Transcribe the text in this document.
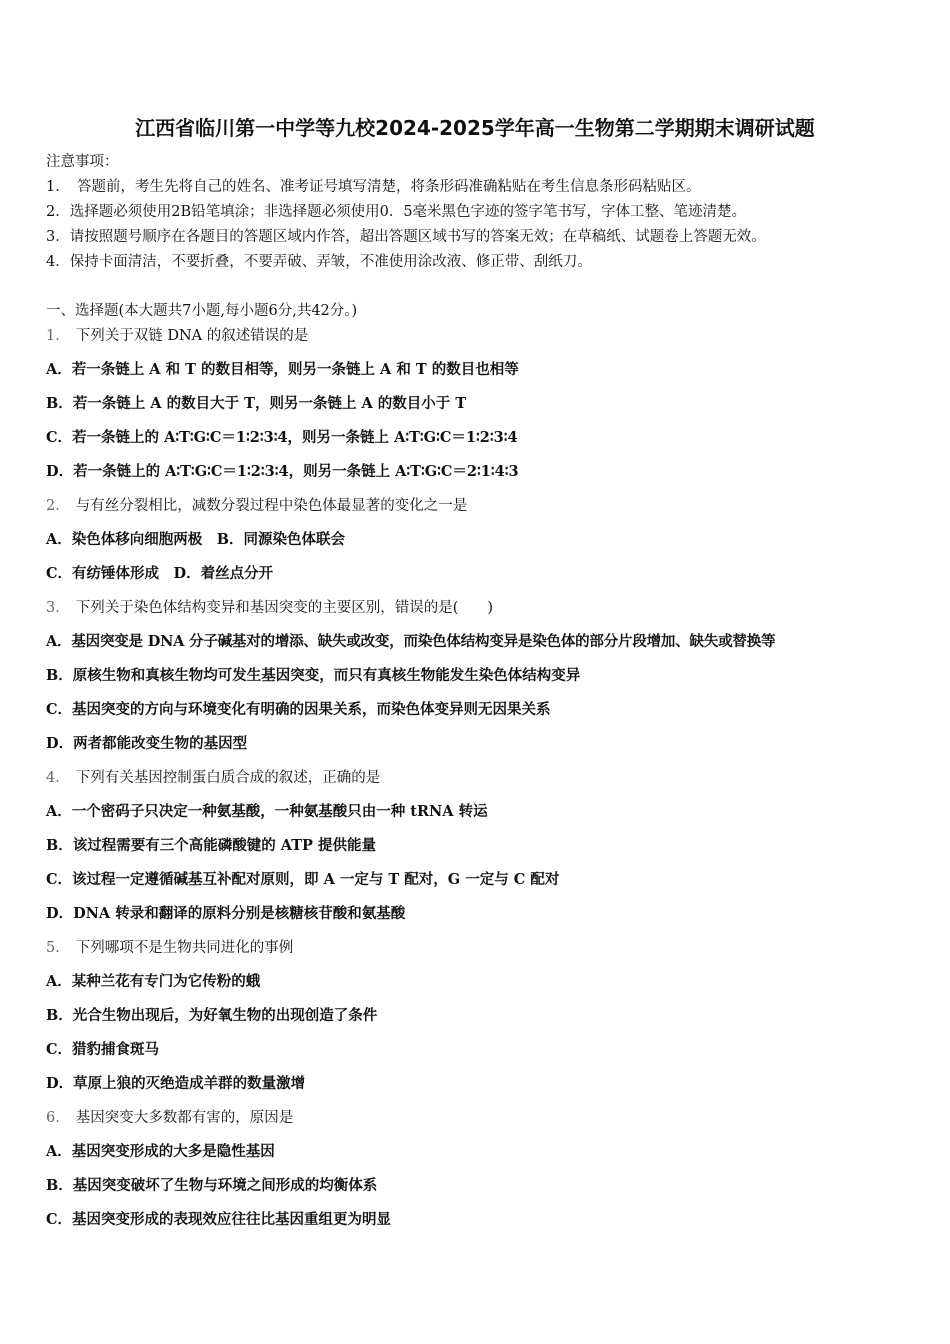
江西省临川第一中学等九校2024-2025学年高一生物第二学期期末调研试题
注意事项：
1．　答题前，考生先将自己的姓名、准考证号填写清楚，将条形码准确粘贴在考生信息条形码粘贴区。
2．选择题必须使用2B铅笔填涂；非选择题必须使用0．5毫米黑色字迹的签字笔书写，字体工整、笔迹清楚。
3．请按照题号顺序在各题目的答题区域内作答，超出答题区域书写的答案无效；在草稿纸、试题卷上答题无效。
4．保持卡面清洁，不要折叠，不要弄破、弄皱，不准使用涂改液、修正带、刮纸刀。
一、选择题(本大题共7小题,每小题6分,共42分。)
1． 下列关于双链 DNA 的叙述错误的是
A．若一条链上 A 和 T 的数目相等，则另一条链上 A 和 T 的数目也相等
B．若一条链上 A 的数目大于 T，则另一条链上 A 的数目小于 T
C．若一条链上的 A∶T∶G∶C＝1∶2∶3∶4，则另一条链上 A∶T∶G∶C＝1∶2∶3∶4
D．若一条链上的 A∶T∶G∶C＝1∶2∶3∶4，则另一条链上 A∶T∶G∶C＝2∶1∶4∶3
2． 与有丝分裂相比，减数分裂过程中染色体最显著的变化之一是
A．染色体移向细胞两极　B．同源染色体联会
C．有纺锤体形成　D．着丝点分开
3． 下列关于染色体结构变异和基因突变的主要区别，错误的是(　　)
A．基因突变是 DNA 分子碱基对的增添、缺失或改变，而染色体结构变异是染色体的部分片段增加、缺失或替换等
B．原核生物和真核生物均可发生基因突变，而只有真核生物能发生染色体结构变异
C．基因突变的方向与环境变化有明确的因果关系，而染色体变异则无因果关系
D．两者都能改变生物的基因型
4． 下列有关基因控制蛋白质合成的叙述，正确的是
A．一个密码子只决定一种氨基酸，一种氨基酸只由一种 tRNA 转运
B．该过程需要有三个高能磷酸键的 ATP 提供能量
C．该过程一定遵循碱基互补配对原则，即 A 一定与 T 配对，G 一定与 C 配对
D．DNA 转录和翻译的原料分别是核糖核苷酸和氨基酸
5． 下列哪项不是生物共同进化的事例
A．某种兰花有专门为它传粉的蛾
B．光合生物出现后，为好氧生物的出现创造了条件
C．猎豹捕食斑马
D．草原上狼的灭绝造成羊群的数量激增
6． 基因突变大多数都有害的，原因是
A．基因突变形成的大多是隐性基因
B．基因突变破坏了生物与环境之间形成的均衡体系
C．基因突变形成的表现效应往往比基因重组更为明显
